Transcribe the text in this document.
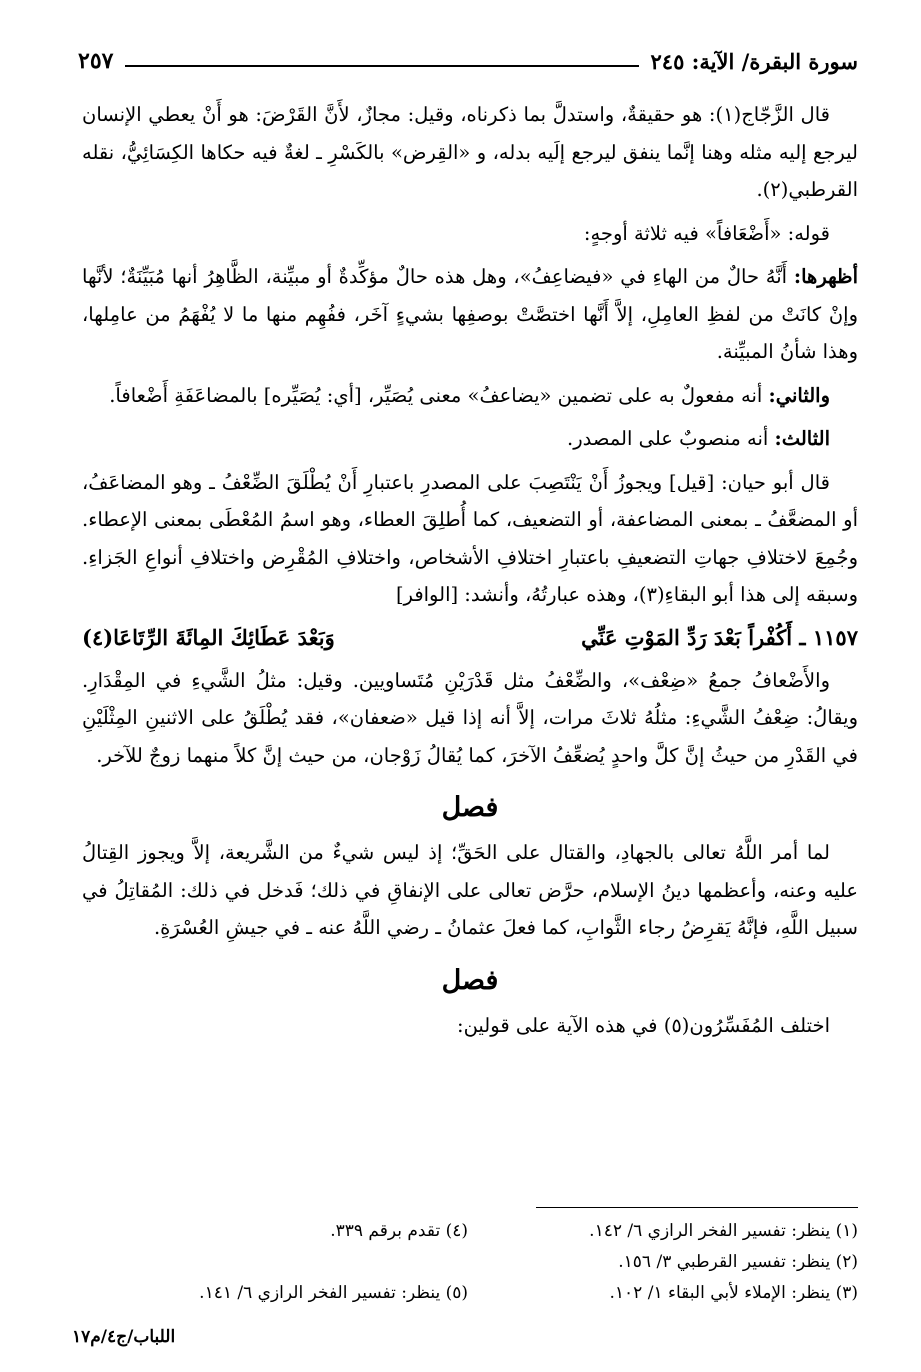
سورة البقرة/ الآية: ٢٤٥
٢٥٧

قال الزَّجّاج(١): هو حقيقةٌ، واستدلَّ بما ذكرناه، وقيل: مجازٌ، لأَنَّ القَرْضَ: هو أَنْ يعطي الإنسان ليرجع إليه مثله وهنا إنَّما ينفق ليرجع إلَيه بدله، و «القِرض» بالكَسْرِ ـ لغةٌ فيه حكاها الكِسَائِيُّ، نقله القرطبي(٢).

قوله: «أَضْعَافاً» فيه ثلاثة أوجهٍ:

أظهرها: أَنَّهُ حالٌ من الهاءِ في «فيضاعِفُ»، وهل هذه حالٌ مؤكِّدةٌ أو مبيِّنة، الظَّاهِرُ أنها مُبَيِّنَةٌ؛ لأنَّها وإنْ كانَتْ من لفظِ العامِلِ، إلاَّ أَنَّها اختصَّتْ بوصفِها بشيءٍ آخَر، ففُهِم منها ما لا يُفْهَمُ من عامِلها، وهذا شأنُ المبيِّنة.

والثاني: أنه مفعولٌ به على تضمين «يضاعفُ» معنى يُصَيِّر، [أي: يُصَيِّره] بالمضاعَفَةِ أَضْعافاً.

الثالث: أنه منصوبٌ على المصدر.

قال أبو حيان: [قيل] ويجوزُ أَنْ يَنْتَصِبَ على المصدرِ باعتبارِ أَنْ يُطْلَقَ الضِّعْفُ ـ وهو المضاعَفُ، أو المضعَّفُ ـ بمعنى المضاعفة، أو التضعيف، كما أُطلِقَ العطاء، وهو اسمُ المُعْطَى بمعنى الإعطاء. وجُمِعَ لاختلافِ جهاتِ التضعيفِ باعتبارِ اختلافِ الأشخاص، واختلافِ المُقْرِض واختلافِ أنواعِ الجَزاءِ. وسبقه إلى هذا أبو البقاءِ(٣)، وهذه عبارتُهُ، وأنشد: [الوافر]

١١٥٧ ـ أَكُفْراً بَعْدَ رَدِّ المَوْتِ عَنِّي
وَبَعْدَ عَطَائِكَ المِائَةَ الرِّتَاعَا(٤)

والأَضْعافُ جمعُ «ضِعْف»، والضِّعْفُ مثل قَدْرَيْنِ مُتَساويين. وقيل: مثلُ الشَّيءِ في المِقْدَارِ. ويقالُ: ضِعْفُ الشَّيءِ: مثلُهُ ثلاثَ مرات، إلاَّ أنه إذا قيل «ضعفان»، فقد يُطْلَقُ على الاثنينِ المِثْلَيْنِ في القَدْرِ من حيثُ إنَّ كلَّ واحدٍ يُضعِّفُ الآخرَ، كما يُقالُ زَوْجان، من حيث إنَّ كلاً منهما زوجٌ للآخر.

فصل

لما أمر اللَّهُ تعالى بالجهادِ، والقتال على الحَقِّ؛ إذ ليس شيءٌ من الشَّريعة، إلاَّ ويجوز القِتالُ عليه وعنه، وأعظمها دينُ الإسلام، حرَّض تعالى على الإنفاقِ في ذلك؛ فَدخل في ذلك: المُقاتِلُ في سبيل اللَّهِ، فإنَّهُ يَقرِضُ رجاء الثَّوابِ، كما فعلَ عثمانُ ـ رضي اللَّهُ عنه ـ في جيشِ العُسْرَةِ.

فصل

اختلف المُفَسِّرُون(٥) في هذه الآية على قولين:

(١) ينظر: تفسير الفخر الرازي ٦/ ١٤٢.
(٤) تقدم برقم ٣٣٩.
(٢) ينظر: تفسير القرطبي ٣/ ١٥٦.
(٣) ينظر: الإملاء لأبي البقاء ١/ ١٠٢.
(٥) ينظر: تفسير الفخر الرازي ٦/ ١٤١.
اللباب/ج٤/م١٧
